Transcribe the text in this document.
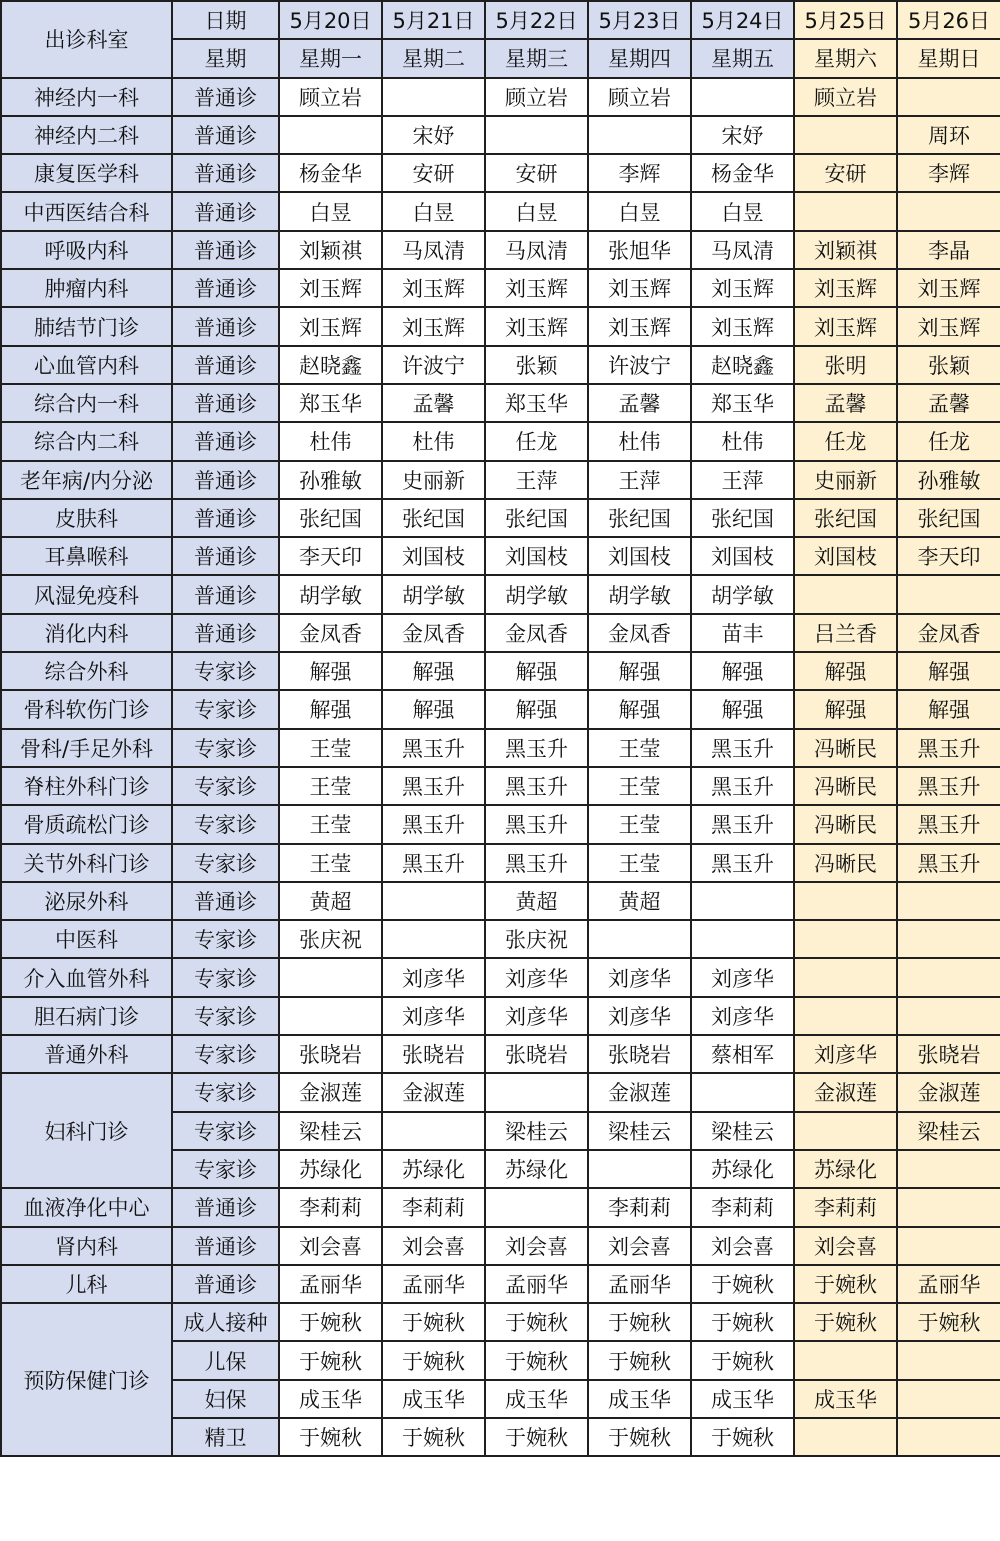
出诊科室	日期	5月20日	5月21日	5月22日	5月23日	5月24日	5月25日	5月26日
	星期	星期一	星期二	星期三	星期四	星期五	星期六	星期日
神经内一科	普通诊	顾立岩		顾立岩	顾立岩		顾立岩	
神经内二科	普通诊		宋妤			宋妤		周环
康复医学科	普通诊	杨金华	安研	安研	李辉	杨金华	安研	李辉
中西医结合科	普通诊	白昱	白昱	白昱	白昱	白昱		
呼吸内科	普通诊	刘颖祺	马凤清	马凤清	张旭华	马凤清	刘颖祺	李晶
肿瘤内科	普通诊	刘玉辉	刘玉辉	刘玉辉	刘玉辉	刘玉辉	刘玉辉	刘玉辉
肺结节门诊	普通诊	刘玉辉	刘玉辉	刘玉辉	刘玉辉	刘玉辉	刘玉辉	刘玉辉
心血管内科	普通诊	赵晓鑫	许波宁	张颖	许波宁	赵晓鑫	张明	张颖
综合内一科	普通诊	郑玉华	孟馨	郑玉华	孟馨	郑玉华	孟馨	孟馨
综合内二科	普通诊	杜伟	杜伟	任龙	杜伟	杜伟	任龙	任龙
老年病/内分泌	普通诊	孙雅敏	史丽新	王萍	王萍	王萍	史丽新	孙雅敏
皮肤科	普通诊	张纪国	张纪国	张纪国	张纪国	张纪国	张纪国	张纪国
耳鼻喉科	普通诊	李天印	刘国枝	刘国枝	刘国枝	刘国枝	刘国枝	李天印
风湿免疫科	普通诊	胡学敏	胡学敏	胡学敏	胡学敏	胡学敏		
消化内科	普通诊	金凤香	金凤香	金凤香	金凤香	苗丰	吕兰香	金凤香
综合外科	专家诊	解强	解强	解强	解强	解强	解强	解强
骨科软伤门诊	专家诊	解强	解强	解强	解强	解强	解强	解强
骨科/手足外科	专家诊	王莹	黑玉升	黑玉升	王莹	黑玉升	冯晰民	黑玉升
脊柱外科门诊	专家诊	王莹	黑玉升	黑玉升	王莹	黑玉升	冯晰民	黑玉升
骨质疏松门诊	专家诊	王莹	黑玉升	黑玉升	王莹	黑玉升	冯晰民	黑玉升
关节外科门诊	专家诊	王莹	黑玉升	黑玉升	王莹	黑玉升	冯晰民	黑玉升
泌尿外科	普通诊	黄超		黄超	黄超			
中医科	专家诊	张庆祝		张庆祝				
介入血管外科	专家诊		刘彦华	刘彦华	刘彦华	刘彦华		
胆石病门诊	专家诊		刘彦华	刘彦华	刘彦华	刘彦华		
普通外科	专家诊	张晓岩	张晓岩	张晓岩	张晓岩	蔡相军	刘彦华	张晓岩
妇科门诊	专家诊	金淑莲	金淑莲		金淑莲		金淑莲	金淑莲
	专家诊	梁桂云		梁桂云	梁桂云	梁桂云		梁桂云
	专家诊	苏绿化	苏绿化	苏绿化		苏绿化	苏绿化	
血液净化中心	普通诊	李莉莉	李莉莉		李莉莉	李莉莉	李莉莉	
肾内科	普通诊	刘会喜	刘会喜	刘会喜	刘会喜	刘会喜	刘会喜	
儿科	普通诊	孟丽华	孟丽华	孟丽华	孟丽华	于婉秋	于婉秋	孟丽华
预防保健门诊	成人接种	于婉秋	于婉秋	于婉秋	于婉秋	于婉秋	于婉秋	于婉秋
	儿保	于婉秋	于婉秋	于婉秋	于婉秋	于婉秋		
	妇保	成玉华	成玉华	成玉华	成玉华	成玉华	成玉华	
	精卫	于婉秋	于婉秋	于婉秋	于婉秋	于婉秋		
